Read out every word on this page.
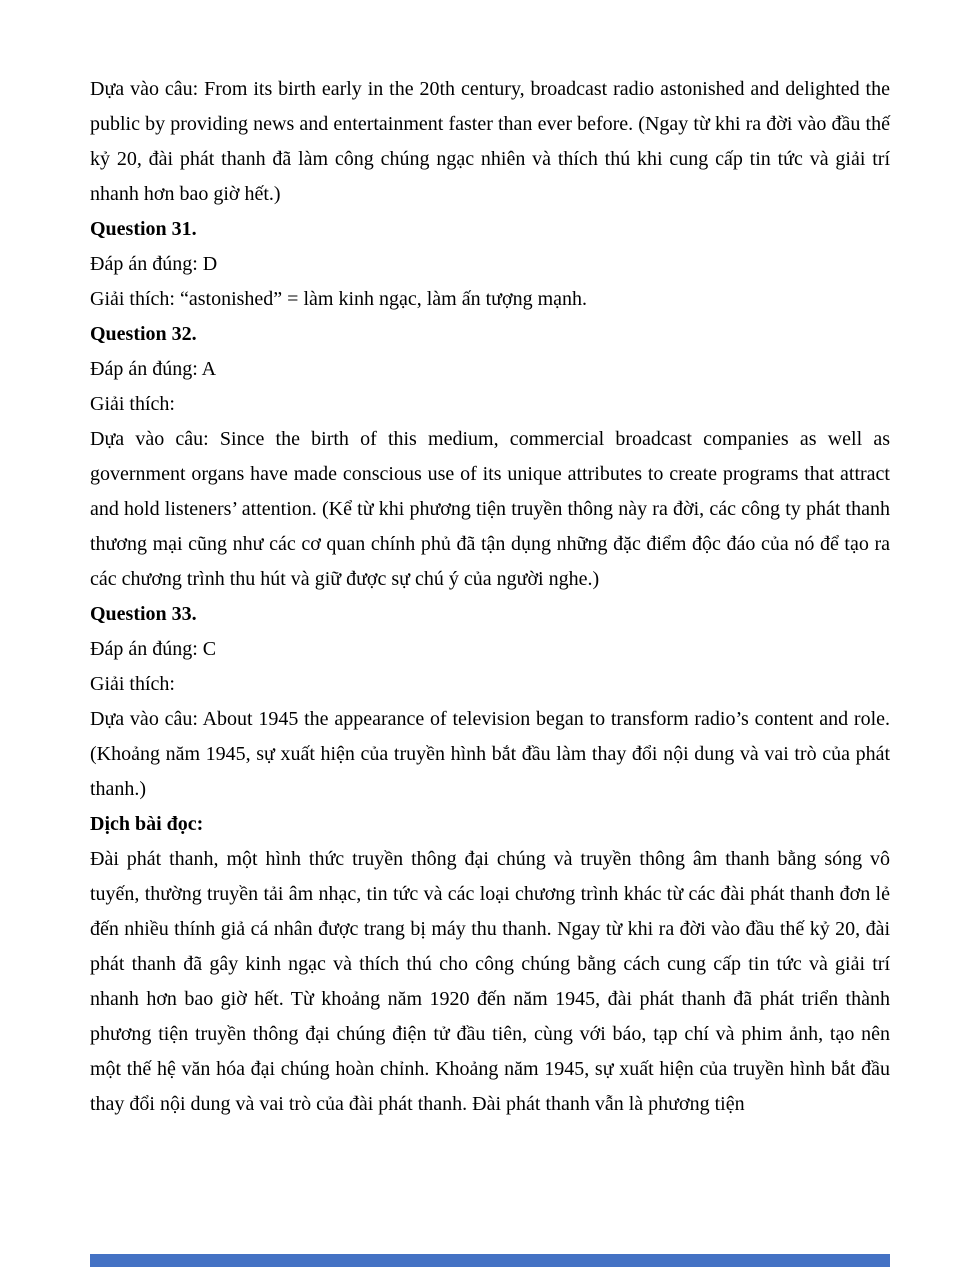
Dựa vào câu: From its birth early in the 20th century, broadcast radio astonished and delighted the public by providing news and entertainment faster than ever before. (Ngay từ khi ra đời vào đầu thế kỷ 20, đài phát thanh đã làm công chúng ngạc nhiên và thích thú khi cung cấp tin tức và giải trí nhanh hơn bao giờ hết.)

Question 31.

Đáp án đúng: D

Giải thích: “astonished” = làm kinh ngạc, làm ấn tượng mạnh.

Question 32.

Đáp án đúng: A

Giải thích:

Dựa vào câu: Since the birth of this medium, commercial broadcast companies as well as government organs have made conscious use of its unique attributes to create programs that attract and hold listeners’ attention. (Kể từ khi phương tiện truyền thông này ra đời, các công ty phát thanh thương mại cũng như các cơ quan chính phủ đã tận dụng những đặc điểm độc đáo của nó để tạo ra các chương trình thu hút và giữ được sự chú ý của người nghe.)

Question 33.

Đáp án đúng: C

Giải thích:

Dựa vào câu: About 1945 the appearance of television began to transform radio’s content and role. (Khoảng năm 1945, sự xuất hiện của truyền hình bắt đầu làm thay đổi nội dung và vai trò của phát thanh.)

Dịch bài đọc:

Đài phát thanh, một hình thức truyền thông đại chúng và truyền thông âm thanh bằng sóng vô tuyến, thường truyền tải âm nhạc, tin tức và các loại chương trình khác từ các đài phát thanh đơn lẻ đến nhiều thính giả cá nhân được trang bị máy thu thanh. Ngay từ khi ra đời vào đầu thế kỷ 20, đài phát thanh đã gây kinh ngạc và thích thú cho công chúng bằng cách cung cấp tin tức và giải trí nhanh hơn bao giờ hết. Từ khoảng năm 1920 đến năm 1945, đài phát thanh đã phát triển thành phương tiện truyền thông đại chúng điện tử đầu tiên, cùng với báo, tạp chí và phim ảnh, tạo nên một thế hệ văn hóa đại chúng hoàn chỉnh. Khoảng năm 1945, sự xuất hiện của truyền hình bắt đầu thay đổi nội dung và vai trò của đài phát thanh. Đài phát thanh vẫn là phương tiện
